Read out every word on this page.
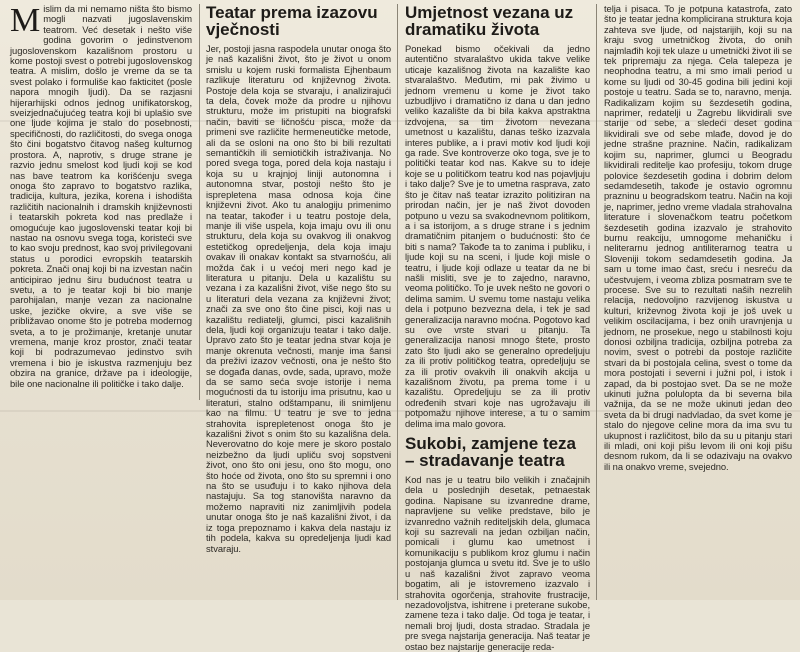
Mislim da mi nemamo ništa što bismo mogli nazvati jugoslavenskim teatrom. Već desetak i nešto više godina govorim o jedinstvenom jugoslovenskom kazališnom prostoru u kome postoji svest o potrebi jugoslovenskog teatra. A mislim, došlo je vreme da se ta svest polako i formuliše kao fakticitet (posle napora mnogih ljudi). Da se razjasni hijerarhijski odnos jednog unifikatorskog, sveizjednačujućeg teatra koji bi uplašio sve one ljude kojima je stalo do posebnosti, specifičnosti, do različitosti, do svega onoga što čini bogatstvo čitavog našeg kulturnog prostora. A, naprotiv, s druge strane je razvio jednu smelost kod ljudi koji se kod nas bave teatrom ka korišćenju svega onoga što zapravo to bogatstvo razlika, tradicija, kultura, jezika, korena i ishodišta različitih nacionalnih i dramskih književnosti i teatarskih pokreta kod nas predlaže i omogućuje kao jugoslovenski teatar koji bi nastao na osnovu svega toga, koristeći sve to kao svoju prednost, kao svoj privilegovani status u porodici evropskih teatarskih pokreta. Znači onaj koji bi na izvestan način anticipirao jednu širu budućnost teatra u svetu, a to je teatar koji bi bio manje parohijalan, manje vezan za nacionalne uske, jezičke okvire, a sve više se približavao onome što je potreba modernog sveta, a to je prožimanje, kretanje unutar vremena, manje kroz prostor, znači teatar koji bi podrazumevao jedinstvo svih vremena i bio je iskustva razmenjuju bez obzira na granice, države pa i ideologije, bile one nacionalne ili političke i tako dalje.

Teatar prema izazovu vječnosti

Jer, postoji jasna raspodela unutar onoga što je naš kazališni život, što je život u onom smislu u kojem ruski formalista Ejhenbaum razlikuje literaturu od književnog života. Postoje dela koja se stvaraju, i analizirajući ta dela, čovek može da prodre u njihovu strukturu, može im pristupiti na biografski način, baviti se ličnošću pisca, može da primeni sve različite hermeneutičke metode, ali da se osloni na ono što bi bili rezultati semantičkih ili semiotičkih istraživanja. No pored svega toga, pored dela koja nastaju i koja su u krajnjoj liniji autonomna i autonomna stvar, postoji nešto što je isprepletena masa odnosa koja čine književni život. Ako tu analogiju primenimo na teatar, također i u teatru postoje dela, manje ili više uspela, koja imaju ovu ili onu strukturu, dela koja su ovakvog ili onakvog estetičkog opredeljenja, dela koja imaju ovakav ili onakav kontakt sa stvarnošću, ali možda čak i u većoj meri nego kad je literatura u pitanju. Dela u kazalištu su vezana i za kazališni život, više nego što su u literaturi dela vezana za književni život; znači za sve ono što čine pisci, koji nas u kazalištu rediatelji, glumci, pisci kazališnih dela, ljudi koji organizuju teatar i tako dalje. Upravo zato što je teatar jedna stvar koja je manje okrenuta večnosti, manje ima šansi da preživi izazov večnosti, ona je nešto što se događa danas, ovde, sada, upravo, može da se samo seća svoje istorije i nema mogućnosti da tu istoriju ima prisutnu, kao u literaturi, stalno odštampanu, ili snimljenu kao na filmu. U teatru je sve to jedna strahovita isprepletenost onoga što je kazališni život s onim što su kazališna dela. Neverovatno do koje mere je skoro postalo neizbežno da ljudi upliču svoj sopstveni život, ono što oni jesu, ono što mogu, ono što hoće od života, ono što su spremni i ono na što se usuđuju i to kako njihova dela nastajuju. Sa tog stanovišta naravno da možemo napraviti niz zanimljivih podela unutar onoga što je naš kazališni život, i da iz toga prepoznamo i kakva dela nastaju iz tih podela, kakva su opredeljenja ljudi kad stvaraju.

Umjetnost vezana uz dramatiku života

Ponekad bismo očekivali da jedno autentično stvaralaštvo ukida takve velike uticaje kazališnog života na kazalište kao stvaralaštvo. Međutim, mi pak živimo u jednom vremenu u kome je život tako uzbudljivo i dramatično iz dana u dan jedno veliko kazalište da bi bila kakva apstraktna izdvojena, sa tim životom nevezana umetnost u kazalištu, danas teško izazvala interes publike, a i pravi motiv kod ljudi koji ga rade. Sve kontroverze oko toga, sve je to politički teatar kod nas. Kakve su to ideje koje se u političkom teatru kod nas pojavljuju i tako dalje? Sve je to umetna rasprava, zato što je čitav naš teatar izrazito politiziran na prirodan način, jer je naš život dovoden potpuno u vezu sa svakodnevnom politikom, a i sa istorijom, a s druge strane i s jednim dramatičnim pitanjem o budućnosti: što će biti s nama? Takođe ta to zanima i publiku, i ljude koji su na sceni, i ljude koji misle o teatru, i ljude koji odlaze u teatar da ne bi našli misliti, sve je to zajedno, naravno, veoma političko. To je uvek nešto ne govori o delima samim. U svemu tome nastaju velika dela i potpuno bezvezna dela, i tek je sad generalizacija naravno moćna. Pogotovo kad su ove vrste stvari u pitanju. Ta generalizacija nanosi mnogo štete, prosto zato što ljudi ako se generalno opredeljuju za ili protiv političkog teatra, opredeljuju se za ili protiv ovakvih ili onakvih akcija u kazališnom životu, pa prema tome i u kazalištu. Opredeljuju se za ili protiv određenih stvari koje nas ugrožavaju ili potpomažu njihove interese, a tu o samim delima ima malo govora.

Sukobi, zamjene teza – stradavanje teatra

Kod nas je u teatru bilo velikih i značajnih dela u poslednjih desetak, petnaestak godina. Napisane su izvanredne drame, napravljene su velike predstave, bilo je izvanredno važnih rediteljskih dela, glumaca koji su sazrevali na jedan ozbiljan način, pomicali i glumu kao umetnost i komunikaciju s publikom kroz glumu i način postojanja glumca u svetu itd. Sve je to ušlo u naš kazališni život zapravo veoma bogatim, ali je istovremeno izazvalo i strahovita ogorčenja, strahovite frustracije, nezadovoljstva, ishitrene i preterane sukobe, zamene teza i tako dalje. Od toga je teatar, i nemali broj ljudi, dosta stradao. Stradala je pre svega najstarija generacija. Naš teatar je ostao bez najstarije generacije reda-

telja i pisaca. To je potpuna katastrofa, zato što je teatar jedna komplicirana struktura koja zahteva sve ljude, od najstarijih, koji su na kraju svog umetničkog života, do onih najmlađih koji tek ulaze u umetnički život ili se tek pripremaju za njega. Cela talepeza je neophodna teatru, a mi smo imali period u kome su ljudi od 30-45 godina bili jedini koji postoje u teatru. Sada se to, naravno, menja. Radikalizam kojim su šezdesetih godina, naprimer, redatelji u Zagrebu likvidirali sve starije od sebe, a sledeći deset godina likvidirali sve od sebe mlađe, dovod je do jedne strašne praznine. Način, radikalizam kojim su, naprimer, glumci u Beogradu likvidirali reditelje kao profesiju, tokom druge polovice šezdesetih godina i dobrim delom sedamdesetih, takođe je ostavio ogromnu prazninu u beogradskom teatru. Način na koji je, naprimer, jedno vreme vladala strahovalna literature i slovenačkom teatru početkom šezdesetih godina izazvalo je strahovito burnu reakciju, umnogome mehaničku i neliterarnu jednog antiliterarnog teatra u Sloveniji tokom sedamdesetih godina. Ja sam u tome imao čast, sreću i nesreću da učestvujem, i veoma zbliza posmatram sve te procese. Sve su to rezultati naših nezrelih relacija, nedovoljno razvijenog iskustva u kulturi, križevnog života koji je još uvek u velikim oscilacijama, i bez onih uravnjenja u jednom, ne prosekue, nego u stabilnosti koju donosi ozbiljna tradicija, ozbiljna potreba za novim, svest o potrebi da postoje različite stvari da bi postojala celina, svest o tome da mora postojati i severni i južni pol, i istok i zapad, da bi postojao svet. Da se ne može ukinuti južna polulopta da bi severna bila važnija, da se ne može ukinuti jedan deo sveta da bi drugi nadvladao, da svet kome je stalo do njegove celine mora da ima svu tu ukupnost i različitost, bilo da su u pitanju stari ili mladi, oni koji pišu levom ili oni koji pišu desnom rukom, da li se odazivaju na ovakvo ili na onakvo vreme, svejedno.
